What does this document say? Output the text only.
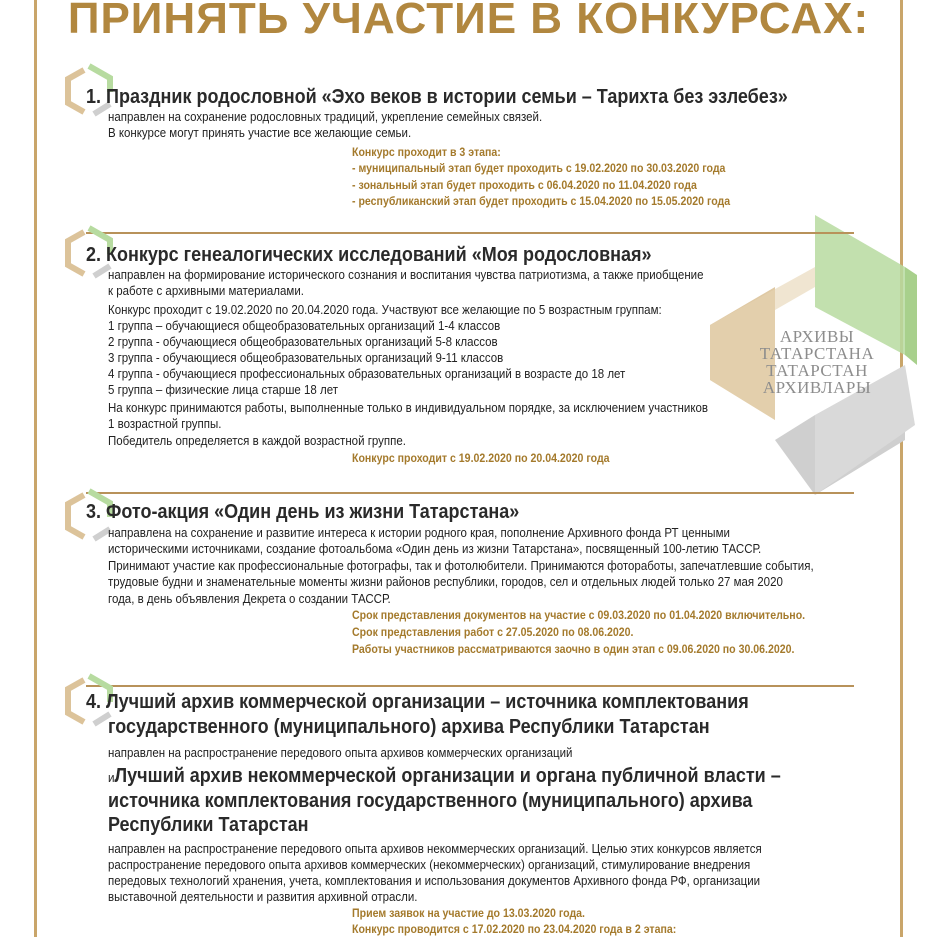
ПРИНЯТЬ УЧАСТИЕ В КОНКУРСАХ:
АРХИВЫ
ТАТАРСТАНА
ТАТАРСТАН
АРХИВЛАРЫ
1. Праздник родословной «Эхо веков в истории семьи – Тарихта без эзлебез»
направлен на сохранение родословных традиций, укрепление семейных связей.
В конкурсе могут принять участие все желающие семьи.
Конкурс проходит в 3 этапа:
- муниципальный этап будет проходить с 19.02.2020 по 30.03.2020 года
- зональный этап будет проходить с 06.04.2020 по 11.04.2020 года
- республиканский этап будет проходить с 15.04.2020 по 15.05.2020 года
2. Конкурс генеалогических исследований «Моя родословная»
направлен на формирование исторического сознания и воспитания чувства патриотизма, а также приобщение
к работе с архивными материалами.
Конкурс проходит с 19.02.2020 по 20.04.2020 года. Участвуют все желающие по 5 возрастным группам:
1 группа – обучающиеся общеобразовательных организаций 1-4 классов
2 группа - обучающиеся общеобразовательных организаций 5-8 классов
3 группа - обучающиеся общеобразовательных организаций 9-11 классов
4 группа - обучающиеся профессиональных образовательных организаций в возрасте до 18 лет
5 группа – физические лица старше 18 лет
На конкурс принимаются работы, выполненные только в индивидуальном порядке, за исключением участников
1 возрастной группы.
Победитель определяется в каждой возрастной группе.
Конкурс проходит с 19.02.2020 по 20.04.2020 года
3. Фото-акция «Один день из жизни Татарстана»
направлена на сохранение и развитие интереса к истории родного края, пополнение Архивного фонда РТ ценными
историческими источниками, создание фотоальбома «Один день из жизни Татарстана», посвященный 100-летию ТАССР.
Принимают участие как профессиональные фотографы, так и фотолюбители. Принимаются фотоработы, запечатлевшие события,
трудовые будни и знаменательные моменты жизни районов республики, городов, сел и отдельных людей только 27 мая 2020
года, в день объявления Декрета о создании ТАССР.
Срок представления документов на участие с 09.03.2020 по 01.04.2020 включительно.
Срок представления работ с 27.05.2020 по 08.06.2020.
Работы участников рассматриваются заочно в один этап с 09.06.2020 по 30.06.2020.
4. Лучший архив коммерческой организации – источника комплектования
государственного (муниципального) архива Республики Татарстан
направлен на распространение передового опыта архивов коммерческих организаций
иЛучший архив некоммерческой организации и органа публичной власти –
источника комплектования государственного (муниципального) архива
Республики Татарстан
направлен на распространение передового опыта архивов некоммерческих организаций. Целью этих конкурсов является
распространение передового опыта архивов коммерческих (некоммерческих) организаций, стимулирование внедрения
передовых технологий хранения, учета, комплектования и использования документов Архивного фонда РФ, организации
выставочной деятельности и развития архивной отрасли.
Прием заявок на участие до 13.03.2020 года.
Конкурс проводится с 17.02.2020 по 23.04.2020 года в 2 этапа:
